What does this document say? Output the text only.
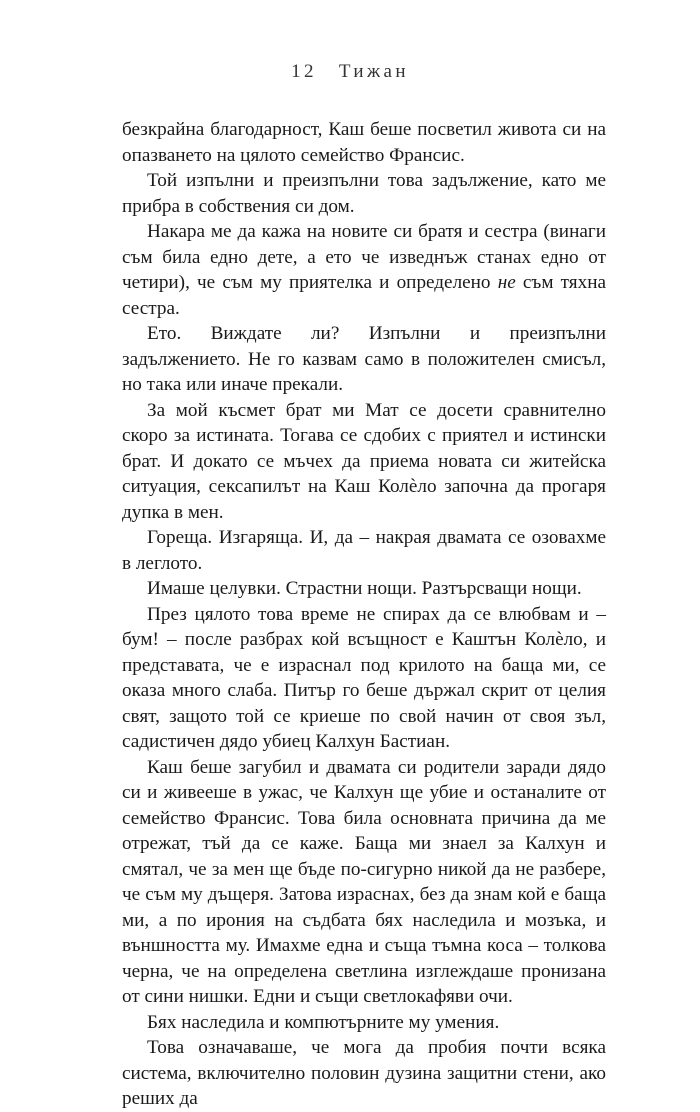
12 Тижан

безкрайна благодарност, Каш беше посветил живота си на опазването на цялото семейство Франсис.

Той изпълни и преизпълни това задължение, като ме прибра в собствения си дом.

Накара ме да кажа на новите си братя и сестра (винаги съм била едно дете, а ето че изведнъж станах едно от четири), че съм му приятелка и определено не съм тяхна сестра.

Ето. Виждате ли? Изпълни и преизпълни задължението. Не го казвам само в положителен смисъл, но така или иначе прекали.

За мой късмет брат ми Мат се досети сравнително скоро за истината. Тогава се сдобих с приятел и истински брат. И докато се мъчех да приема новата си житейска ситуация, сексапилът на Каш Колèло започна да прогаря дупка в мен.

Гореща. Изгаряща. И, да – накрая двамата се озовахме в леглото.

Имаше целувки. Страстни нощи. Разтърсващи нощи.

През цялото това време не спирах да се влюбвам и – бум! – после разбрах кой всъщност е Каштън Колèло, и представата, че е израснал под крилото на баща ми, се оказа много слаба. Питър го беше държал скрит от целия свят, защото той се криеше по свой начин от своя зъл, садистичен дядо убиец Калхун Бастиан.

Каш беше загубил и двамата си родители заради дядо си и живееше в ужас, че Калхун ще убие и останалите от семейство Франсис. Това била основната причина да ме отрежат, тъй да се каже. Баща ми знаел за Калхун и смятал, че за мен ще бъде по-сигурно никой да не разбере, че съм му дъщеря. Затова израснах, без да знам кой е баща ми, а по ирония на съдбата бях наследила и мозъка, и външността му. Имахме една и съща тъмна коса – толкова черна, че на определена светлина изглеждаше пронизана от сини нишки. Едни и същи светлокафяви очи.

Бях наследила и компютърните му умения.

Това означаваше, че мога да пробия почти всяка система, включително половин дузина защитни стени, ако реших да
